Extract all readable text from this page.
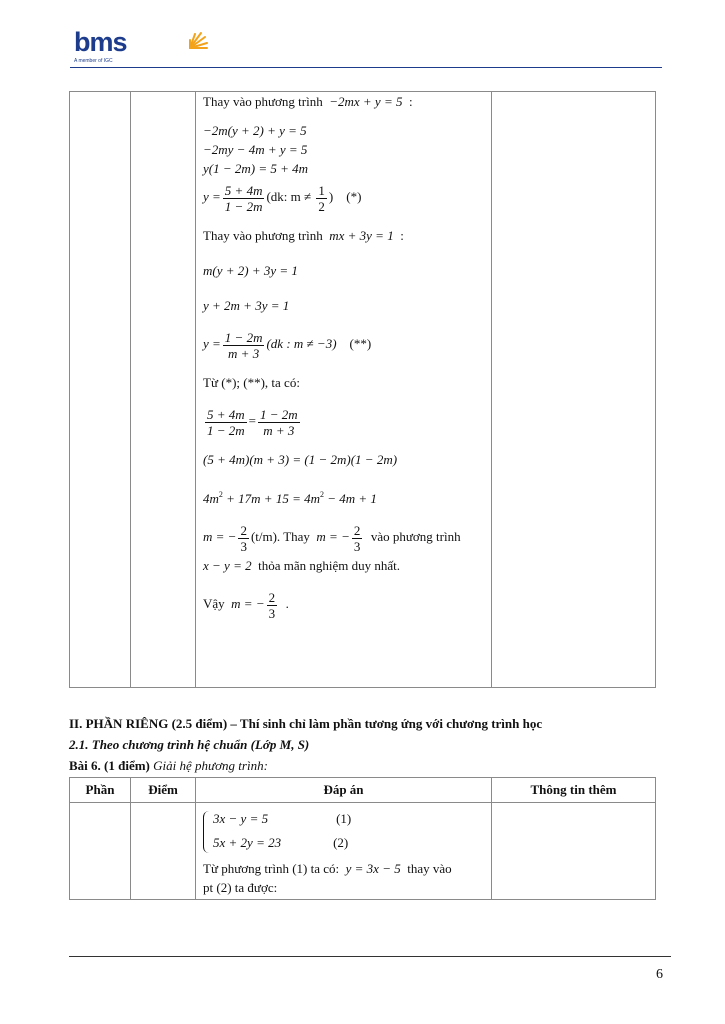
bms
A member of IGC

Thay vào phương trình −2mx + y = 5  :
−2m(y + 2) + y = 5
−2my − 4m + y = 5
y(1 − 2m) = 5 + 4m
$y = \frac{5 + 4m}{1 - 2m} (dk$: $m \ne \frac{1}{2}$ ) (*)
Thay vào phương trình mx + 3y = 1  :
m(y + 2) + 3y = 1
y + 2m + 3y = 1
$y = \frac{1 - 2m}{m + 3} (dk$ : m ≠ −3) (**)
Từ (*); (**), ta có:
$\frac{5 + 4m}{1 - 2m} = \frac{1 - 2m}{m + 3}$
(5 + 4m)(m + 3) = (1 − 2m)(1 − 2m)
$4m^2 + 17m + 15 = 4m^2 - 4m + 1$
m = − $\frac{2}{3} (t/m)$. Thay m = − $\frac{2}{3}$ vào phương trình
x − y = 2 thỏa mãn nghiệm duy nhất.
Vậy m = − $\frac{2}{3}$ .

II. PHẦN RIÊNG (2.5 điểm) – Thí sinh chỉ làm phần tương ứng với chương trình học
2.1. Theo chương trình hệ chuẩn (Lớp M, S)
Bài 6. (1 điểm) Giải hệ phương trình:
Phần	Điểm	Đáp án	Thông tin thêm

		3x − y = 5 (1)
5x + 2y = 23 (2)
Từ phương trình (1) ta có: y = 3x − 5 thay vào
pt (2) ta được:	

6
